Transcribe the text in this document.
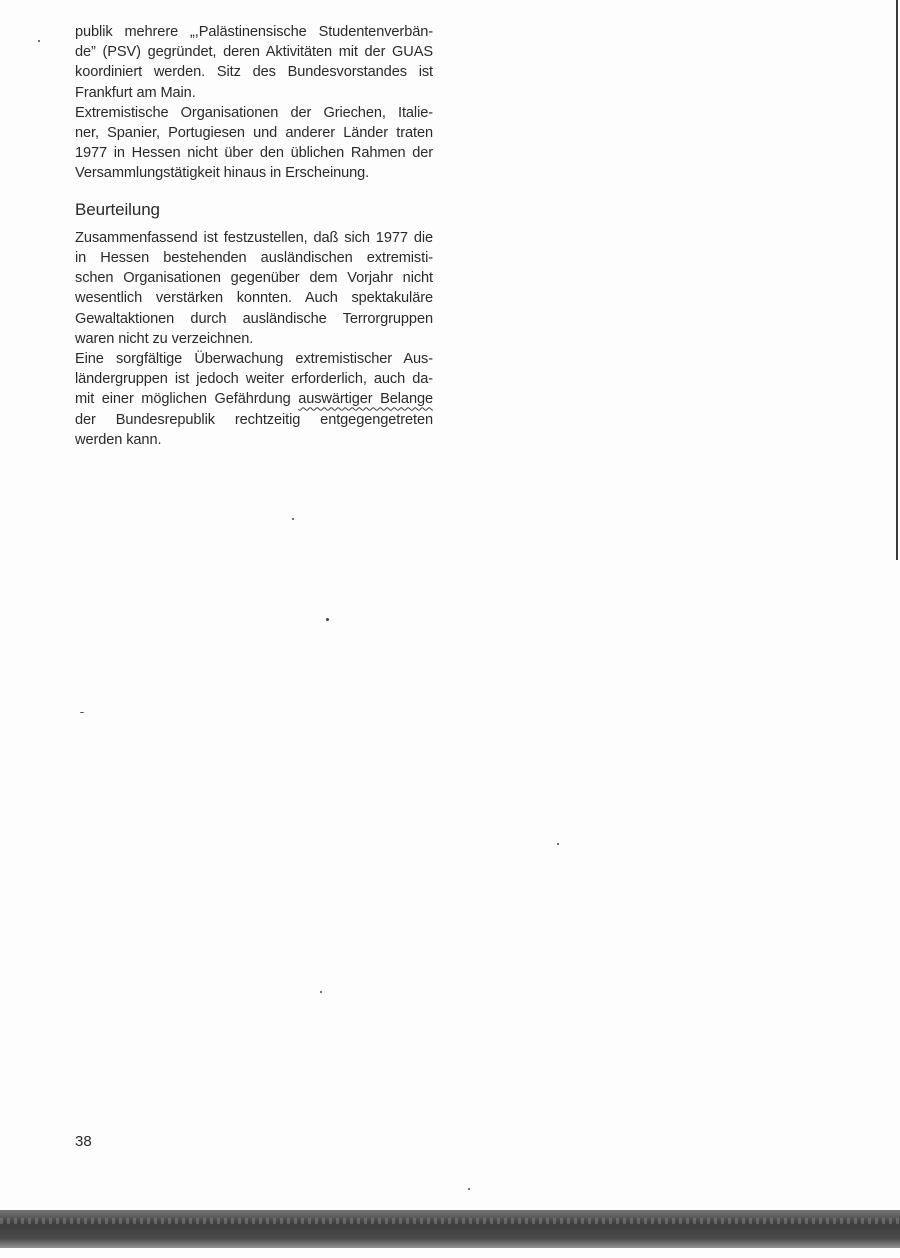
publik mehrere „,Palästinensische Studentenverbän-
de” (PSV) gegründet, deren Aktivitäten mit der GUAS
koordiniert werden. Sitz des Bundesvorstandes ist
Frankfurt am Main.

Extremistische Organisationen der Griechen, Italie-
ner, Spanier, Portugiesen und anderer Länder traten
1977 in Hessen nicht über den üblichen Rahmen der
Versammlungstätigkeit hinaus in Erscheinung.

Beurteilung

Zusammenfassend ist festzustellen, daß sich 1977 die
in Hessen bestehenden ausländischen extremisti-
schen Organisationen gegenüber dem Vorjahr nicht
wesentlich verstärken konnten. Auch spektakuläre
Gewaltaktionen durch ausländische Terrorgruppen
waren nicht zu verzeichnen.

Eine sorgfältige Überwachung extremistischer Aus-
ländergruppen ist jedoch weiter erforderlich, auch da-
mit einer möglichen Gefährdung auswärtiger Belange
der Bundesrepublik rechtzeitig entgegengetreten
werden kann.

38
